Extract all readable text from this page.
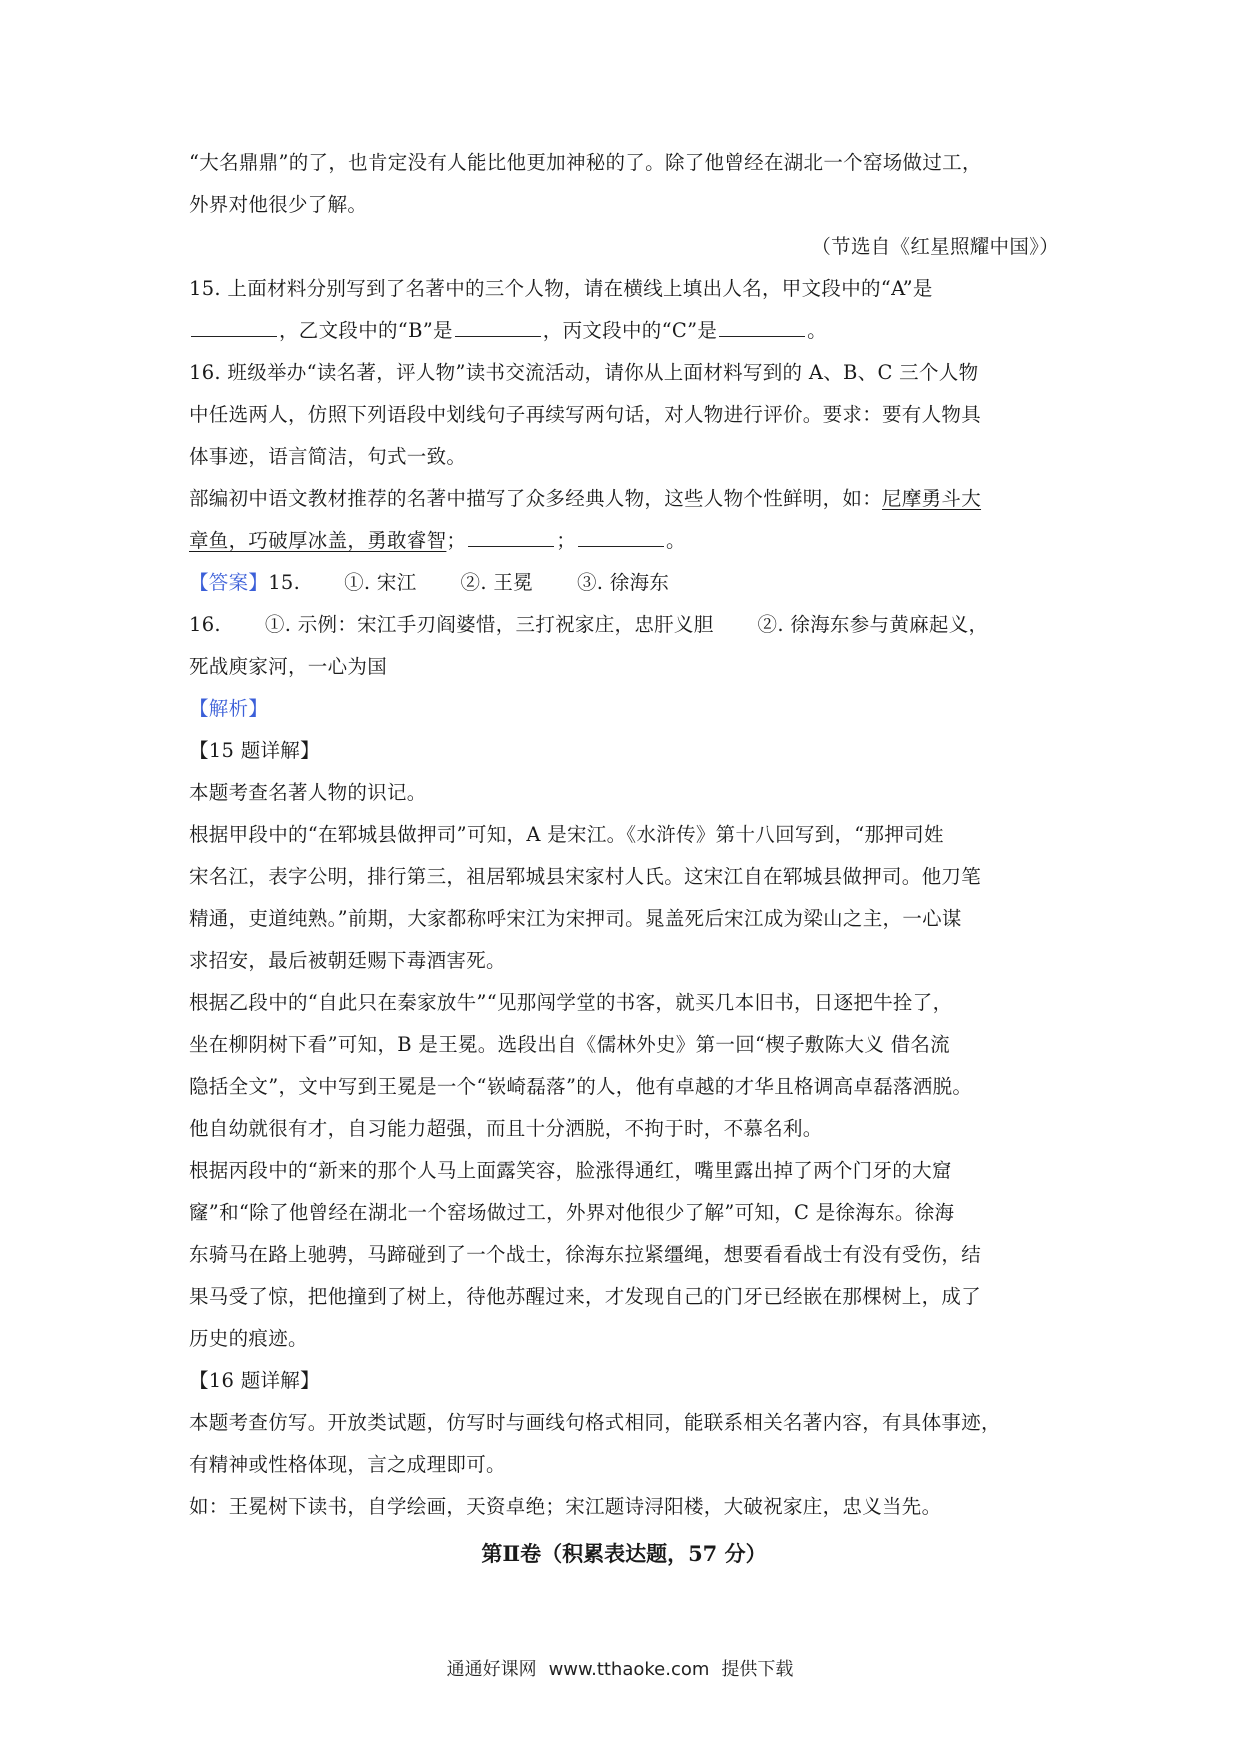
“大名鼎鼎”的了，也肯定没有人能比他更加神秘的了。除了他曾经在湖北一个窑场做过工，
外界对他很少了解。
（节选自《红星照耀中国》）
15. 上面材料分别写到了名著中的三个人物，请在横线上填出人名，甲文段中的“A”是
，乙文段中的“B”是	，丙文段中的“C”是	。
16. 班级举办“读名著，评人物”读书交流活动，请你从上面材料写到的 A、B、C 三个人物
中任选两人，仿照下列语段中划线句子再续写两句话，对人物进行评价。要求：要有人物具
体事迹，语言简洁，句式一致。
部编初中语文教材推荐的名著中描写了众多经典人物，这些人物个性鲜明，如：尼摩勇斗大
章鱼，巧破厚冰盖，勇敢睿智；	；	。
【答案】15. ①. 宋江 ②. 王冕 ③. 徐海东
16. ①. 示例：宋江手刃阎婆惜，三打祝家庄，忠肝义胆 ②. 徐海东参与黄麻起义，
死战庾家河，一心为国
【解析】
【15 题详解】
本题考查名著人物的识记。
根据甲段中的“在郓城县做押司”可知，A 是宋江。《水浒传》第十八回写到，“那押司姓
宋名江，表字公明，排行第三，祖居郓城县宋家村人氏。这宋江自在郓城县做押司。他刀笔
精通，吏道纯熟。”前期，大家都称呼宋江为宋押司。晁盖死后宋江成为梁山之主，一心谋
求招安，最后被朝廷赐下毒酒害死。
根据乙段中的“自此只在秦家放牛”“见那闯学堂的书客，就买几本旧书，日逐把牛拴了，
坐在柳阴树下看”可知，B 是王冕。选段出自《儒林外史》第一回“楔子敷陈大义 借名流
隐括全文”，文中写到王冕是一个“嵚崎磊落”的人，他有卓越的才华且格调高卓磊落洒脱。
他自幼就很有才，自习能力超强，而且十分洒脱，不拘于时，不慕名利。
根据丙段中的“新来的那个人马上面露笑容，脸涨得通红，嘴里露出掉了两个门牙的大窟
窿”和“除了他曾经在湖北一个窑场做过工，外界对他很少了解”可知，C 是徐海东。徐海
东骑马在路上驰骋，马蹄碰到了一个战士，徐海东拉紧缰绳，想要看看战士有没有受伤，结
果马受了惊，把他撞到了树上，待他苏醒过来，才发现自己的门牙已经嵌在那棵树上，成了
历史的痕迹。
【16 题详解】
本题考查仿写。开放类试题，仿写时与画线句格式相同，能联系相关名著内容，有具体事迹，
有精神或性格体现，言之成理即可。
如：王冕树下读书，自学绘画，天资卓绝；宋江题诗浔阳楼，大破祝家庄，忠义当先。
第Ⅱ卷（积累表达题，57 分）
通通好课网 www.tthaoke.com 提供下载
